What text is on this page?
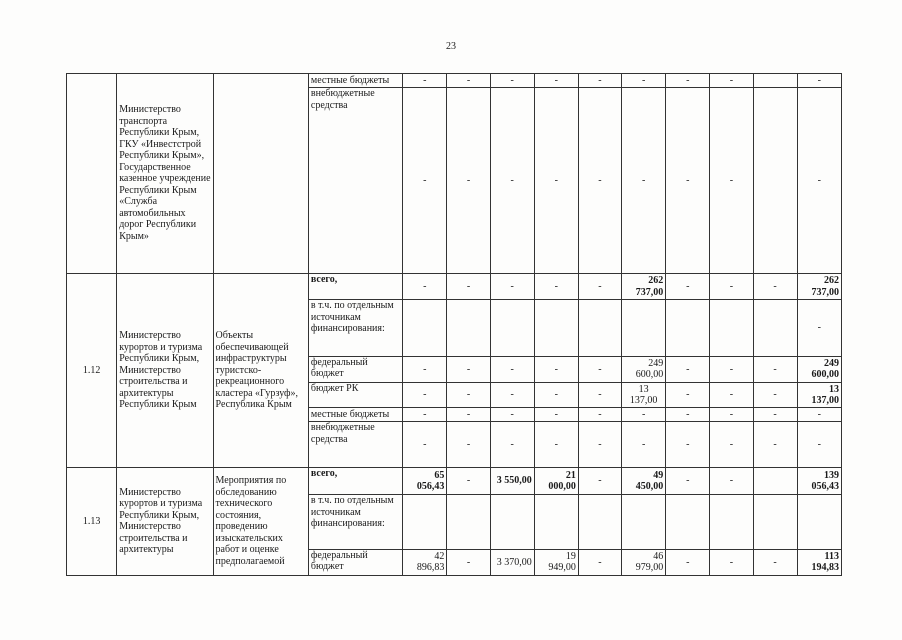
23
	Министерство транспорта Республики Крым, ГКУ «Инвестстрой Республики Крым», Государственное казенное учреждение Республики Крым «Служба автомобильных дорог Республики Крым»		местные бюджеты	-	-	-	-	-	-	-	-		-
			внебюджетные средства	-	-	-	-	-	-	-	-		-
1.12	Министерство курортов и туризма Республики Крым, Министерство строительства и архитектуры Республики Крым	Объекты обеспечивающей инфраструктуры туристско-рекреационного кластера «Гурзуф», Республика Крым	всего,	-	-	-	-	-	262 737,00	-	-	-	262 737,00
			в т.ч. по отдельным источникам финансирования:										-
			федеральный бюджет	-	-	-	-	-	249 600,00	-	-	-	249 600,00
			бюджет РК	-	-	-	-	-	13 137,00	-	-	-	13 137,00
			местные бюджеты	-	-	-	-	-	-	-	-	-	-
			внебюджетные средства	-	-	-	-	-	-	-	-	-	-
1.13	Министерство курортов и туризма Республики Крым, Министерство строительства и архитектуры	Мероприятия по обследованию технического состояния, проведению изыскательских работ и оценке предполагаемой	всего,	65 056,43	-	3 550,00	21 000,00	-	49 450,00	-	-		139 056,43
			в т.ч. по отдельным источникам финансирования:										
			федеральный бюджет	42 896,83	-	3 370,00	19 949,00	-	46 979,00	-	-	-	113 194,83
